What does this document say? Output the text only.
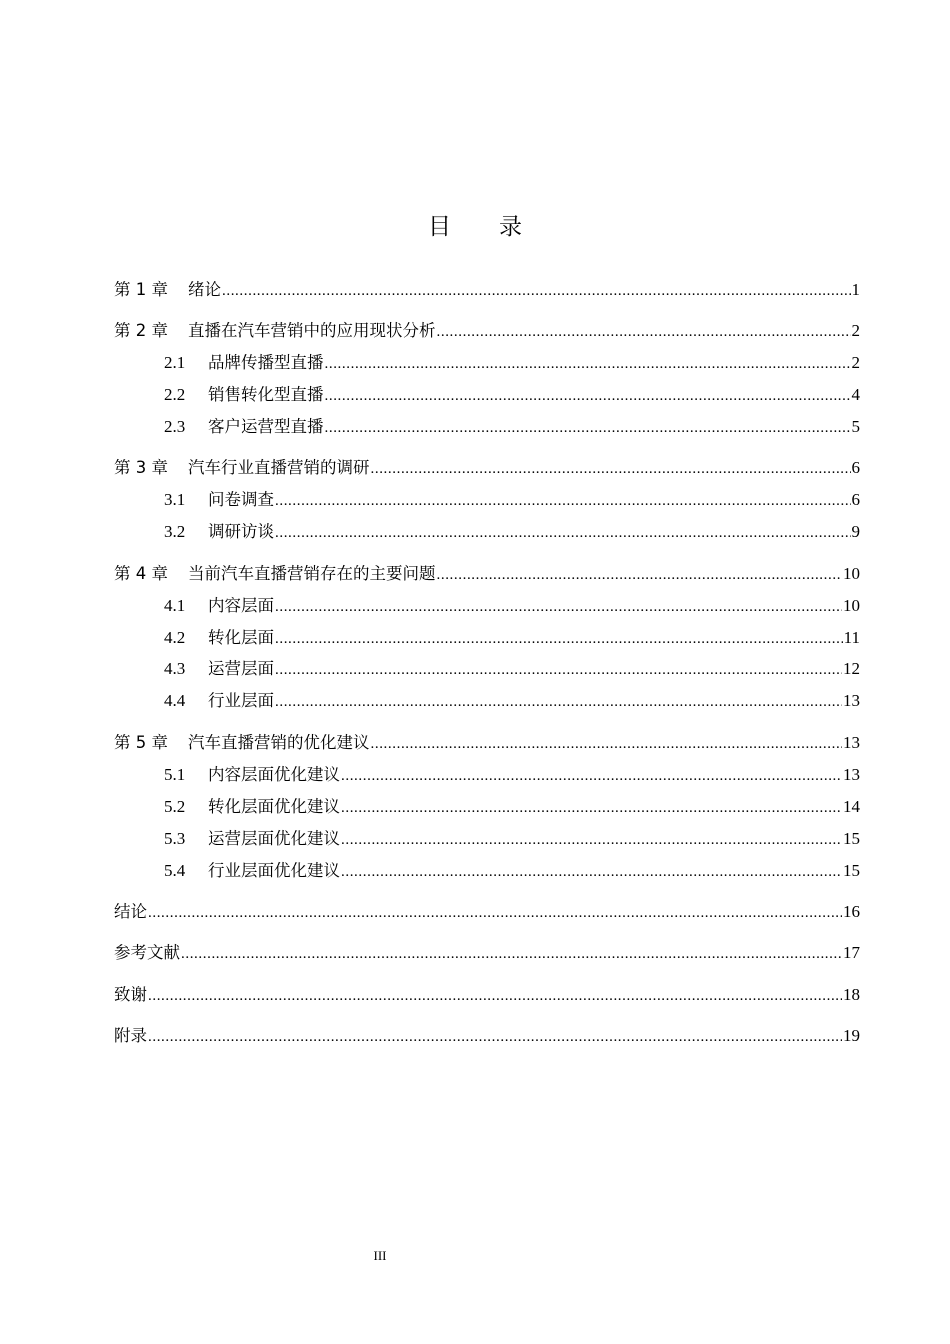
目 录
第 1 章 绪论 .....	1
第 2 章 直播在汽车营销中的应用现状分析 .....	2
2.1	品牌传播型直播 .....	2
2.2	销售转化型直播 .....	4
2.3	客户运营型直播 .....	5
第 3 章 汽车行业直播营销的调研 .....	6
3.1	问卷调查 .....	6
3.2	调研访谈 .....	9
第 4 章 当前汽车直播营销存在的主要问题 .....	10
4.1	内容层面 .....	10
4.2	转化层面 .....	11
4.3	运营层面 .....	12
4.4	行业层面 .....	13
第 5 章 汽车直播营销的优化建议 .....	13
5.1	内容层面优化建议 .....	13
5.2	转化层面优化建议 .....	14
5.3	运营层面优化建议 .....	15
5.4	行业层面优化建议 .....	15
结论 .....	16
参考文献 .....	17
致谢 .....	18
附录 .....	19
III
